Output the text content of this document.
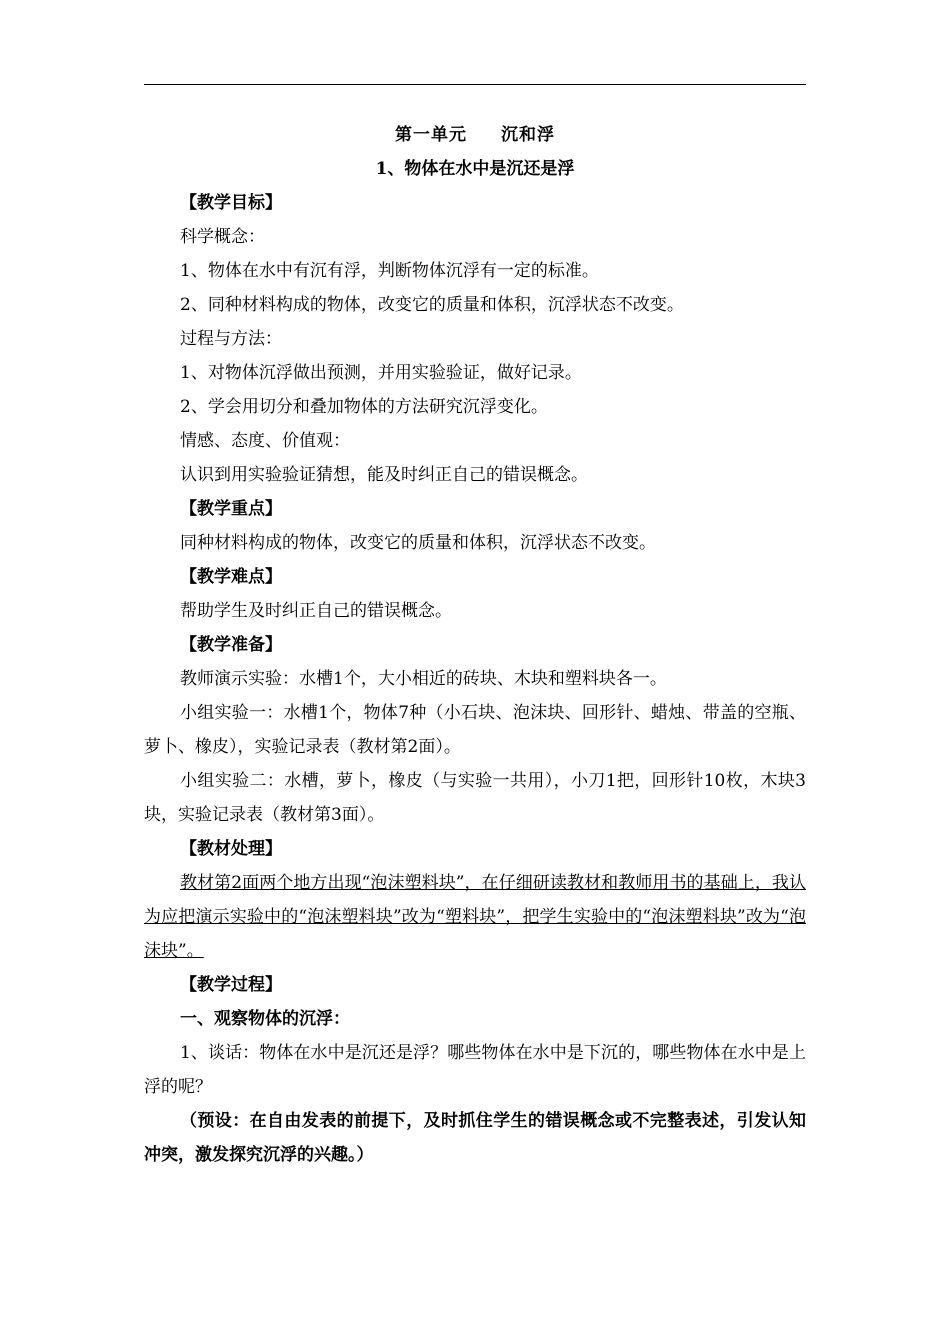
第一单元 沉和浮

1、物体在水中是沉还是浮

【教学目标】

科学概念：

1、物体在水中有沉有浮，判断物体沉浮有一定的标准。

2、同种材料构成的物体，改变它的质量和体积，沉浮状态不改变。

过程与方法：

1、对物体沉浮做出预测，并用实验验证，做好记录。

2、学会用切分和叠加物体的方法研究沉浮变化。

情感、态度、价值观：

认识到用实验验证猜想，能及时纠正自己的错误概念。

【教学重点】

同种材料构成的物体，改变它的质量和体积，沉浮状态不改变。

【教学难点】

帮助学生及时纠正自己的错误概念。

【教学准备】

教师演示实验：水槽1个，大小相近的砖块、木块和塑料块各一。

小组实验一：水槽1个，物体7种（小石块、泡沫块、回形针、蜡烛、带盖的空瓶、萝卜、橡皮），实验记录表（教材第2面）。

小组实验二：水槽，萝卜，橡皮（与实验一共用），小刀1把，回形针10枚，木块3块，实验记录表（教材第3面）。

【教材处理】

教材第2面两个地方出现“泡沫塑料块”，在仔细研读教材和教师用书的基础上，我认为应把演示实验中的“泡沫塑料块”改为“塑料块”，把学生实验中的“泡沫塑料块”改为“泡沫块”。

【教学过程】

一、观察物体的沉浮：

1、谈话：物体在水中是沉还是浮？哪些物体在水中是下沉的，哪些物体在水中是上浮的呢？

（预设：在自由发表的前提下，及时抓住学生的错误概念或不完整表述，引发认知冲突，激发探究沉浮的兴趣。）
